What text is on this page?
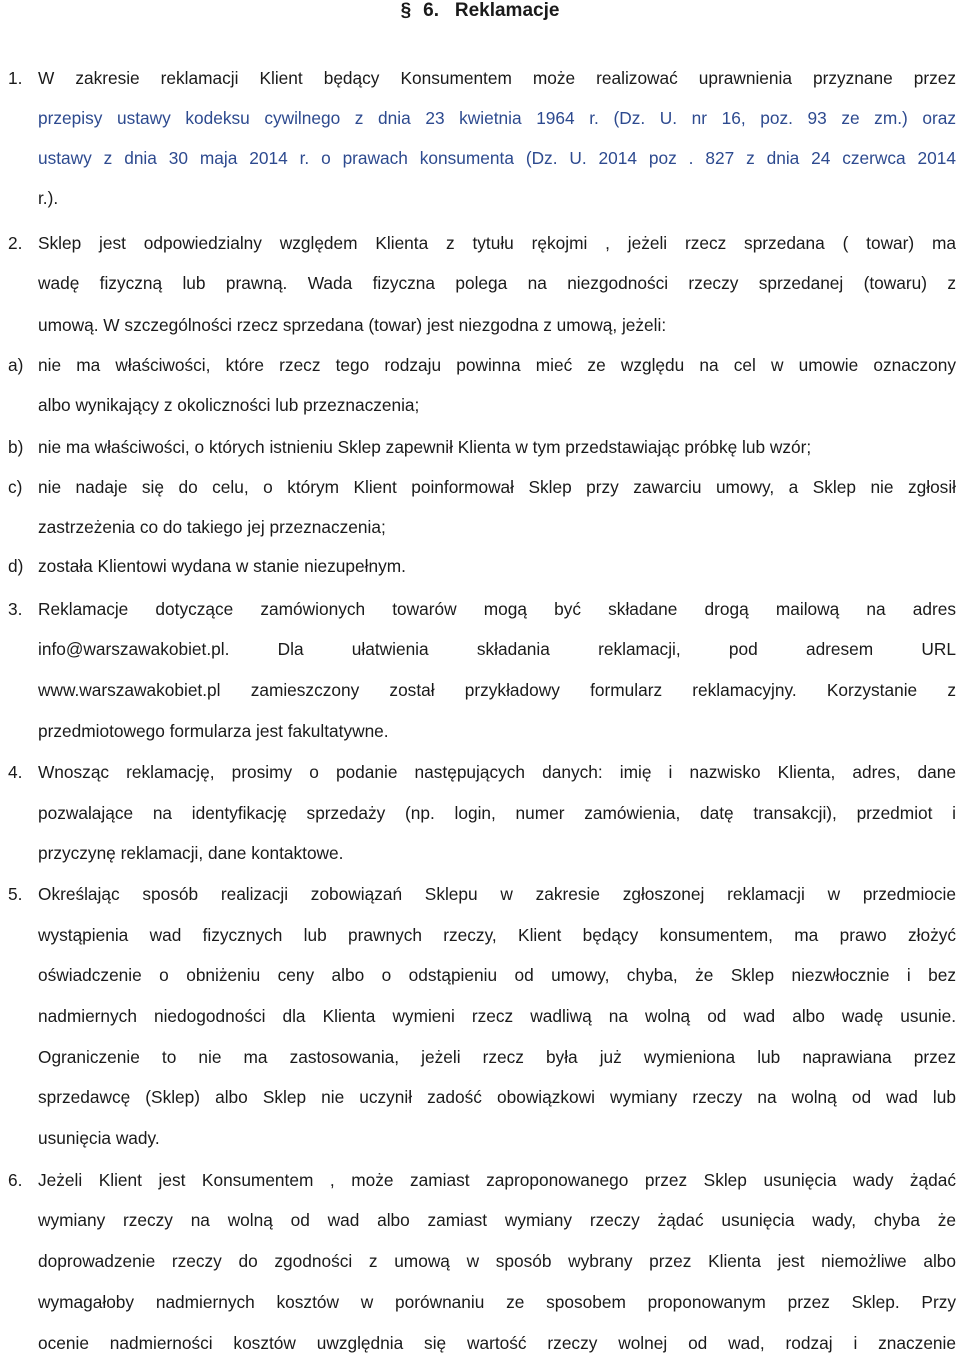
§ 6. Reklamacje
1. W zakresie reklamacji Klient będący Konsumentem może realizować uprawnienia przyznane przez
przepisy ustawy kodeksu cywilnego z dnia 23 kwietnia 1964 r. (Dz. U. nr 16, poz. 93 ze zm.) oraz
ustawy z dnia 30 maja 2014 r. o prawach konsumenta (Dz. U. 2014 poz . 827 z dnia 24 czerwca 2014
r.).
2. Sklep jest odpowiedzialny względem Klienta z tytułu rękojmi , jeżeli rzecz sprzedana ( towar) ma
wadę fizyczną lub prawną. Wada fizyczna polega na niezgodności rzeczy sprzedanej (towaru) z
umową. W szczególności rzecz sprzedana (towar) jest niezgodna z umową, jeżeli:
a) nie ma właściwości, które rzecz tego rodzaju powinna mieć ze względu na cel w umowie oznaczony
albo wynikający z okoliczności lub przeznaczenia;
b) nie ma właściwości, o których istnieniu Sklep zapewnił Klienta w tym przedstawiając próbkę lub wzór;
c) nie nadaje się do celu, o którym Klient poinformował Sklep przy zawarciu umowy, a Sklep nie zgłosił
zastrzeżenia co do takiego jej przeznaczenia;
d) została Klientowi wydana w stanie niezupełnym.
3. Reklamacje dotyczące zamówionych towarów mogą być składane drogą mailową na adres
info@warszawakobiet.pl. Dla ułatwienia składania reklamacji, pod adresem URL
www.warszawakobiet.pl zamieszczony został przykładowy formularz reklamacyjny. Korzystanie z
przedmiotowego formularza jest fakultatywne.
4. Wnosząc reklamację, prosimy o podanie następujących danych: imię i nazwisko Klienta, adres, dane
pozwalające na identyfikację sprzedaży (np. login, numer zamówienia, datę transakcji), przedmiot i
przyczynę reklamacji, dane kontaktowe.
5. Określając sposób realizacji zobowiązań Sklepu w zakresie zgłoszonej reklamacji w przedmiocie
wystąpienia wad fizycznych lub prawnych rzeczy, Klient będący konsumentem, ma prawo złożyć
oświadczenie o obniżeniu ceny albo o odstąpieniu od umowy, chyba, że Sklep niezwłocznie i bez
nadmiernych niedogodności dla Klienta wymieni rzecz wadliwą na wolną od wad albo wadę usunie.
Ograniczenie to nie ma zastosowania, jeżeli rzecz była już wymieniona lub naprawiana przez
sprzedawcę (Sklep) albo Sklep nie uczynił zadość obowiązkowi wymiany rzeczy na wolną od wad lub
usunięcia wady.
6. Jeżeli Klient jest Konsumentem , może zamiast zaproponowanego przez Sklep usunięcia wady żądać
wymiany rzeczy na wolną od wad albo zamiast wymiany rzeczy żądać usunięcia wady, chyba że
doprowadzenie rzeczy do zgodności z umową w sposób wybrany przez Klienta jest niemożliwe albo
wymagałoby nadmiernych kosztów w porównaniu ze sposobem proponowanym przez Sklep. Przy
ocenie nadmierności kosztów uwzględnia się wartość rzeczy wolnej od wad, rodzaj i znaczenie
